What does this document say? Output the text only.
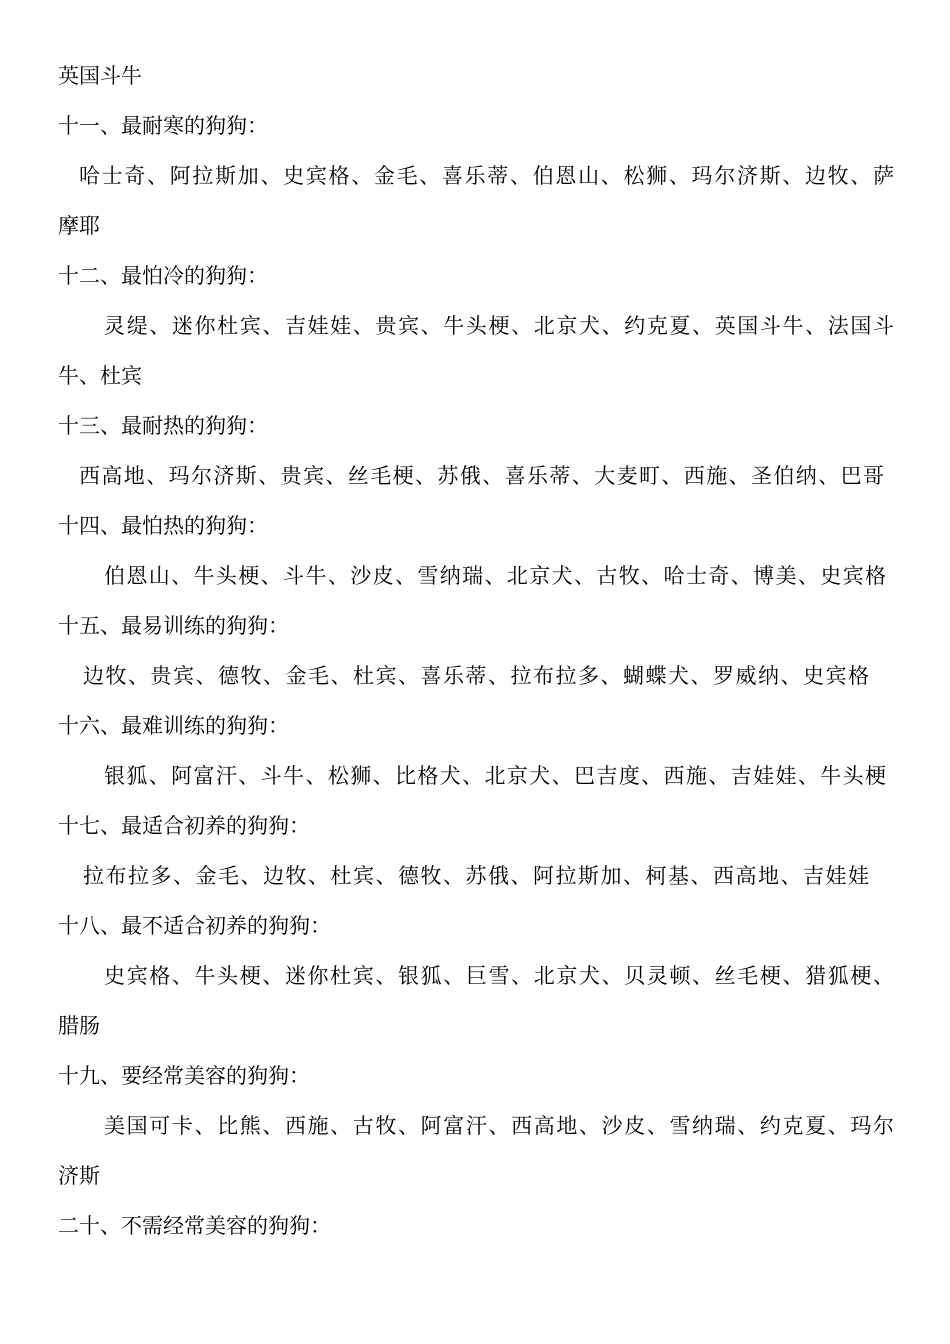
英国斗牛
十一、最耐寒的狗狗：
哈士奇、阿拉斯加、史宾格、金毛、喜乐蒂、伯恩山、松狮、玛尔济斯、边牧、萨
摩耶
十二、最怕冷的狗狗：
灵缇、迷你杜宾、吉娃娃、贵宾、牛头梗、北京犬、约克夏、英国斗牛、法国斗
牛、杜宾
十三、最耐热的狗狗：
西高地、玛尔济斯、贵宾、丝毛梗、苏俄、喜乐蒂、大麦町、西施、圣伯纳、巴哥
十四、最怕热的狗狗：
伯恩山、牛头梗、斗牛、沙皮、雪纳瑞、北京犬、古牧、哈士奇、博美、史宾格
十五、最易训练的狗狗：
边牧、贵宾、德牧、金毛、杜宾、喜乐蒂、拉布拉多、蝴蝶犬、罗威纳、史宾格
十六、最难训练的狗狗：
银狐、阿富汗、斗牛、松狮、比格犬、北京犬、巴吉度、西施、吉娃娃、牛头梗
十七、最适合初养的狗狗：
拉布拉多、金毛、边牧、杜宾、德牧、苏俄、阿拉斯加、柯基、西高地、吉娃娃
十八、最不适合初养的狗狗：
史宾格、牛头梗、迷你杜宾、银狐、巨雪、北京犬、贝灵顿、丝毛梗、猎狐梗、
腊肠
十九、要经常美容的狗狗：
美国可卡、比熊、西施、古牧、阿富汗、西高地、沙皮、雪纳瑞、约克夏、玛尔
济斯
二十、不需经常美容的狗狗：
